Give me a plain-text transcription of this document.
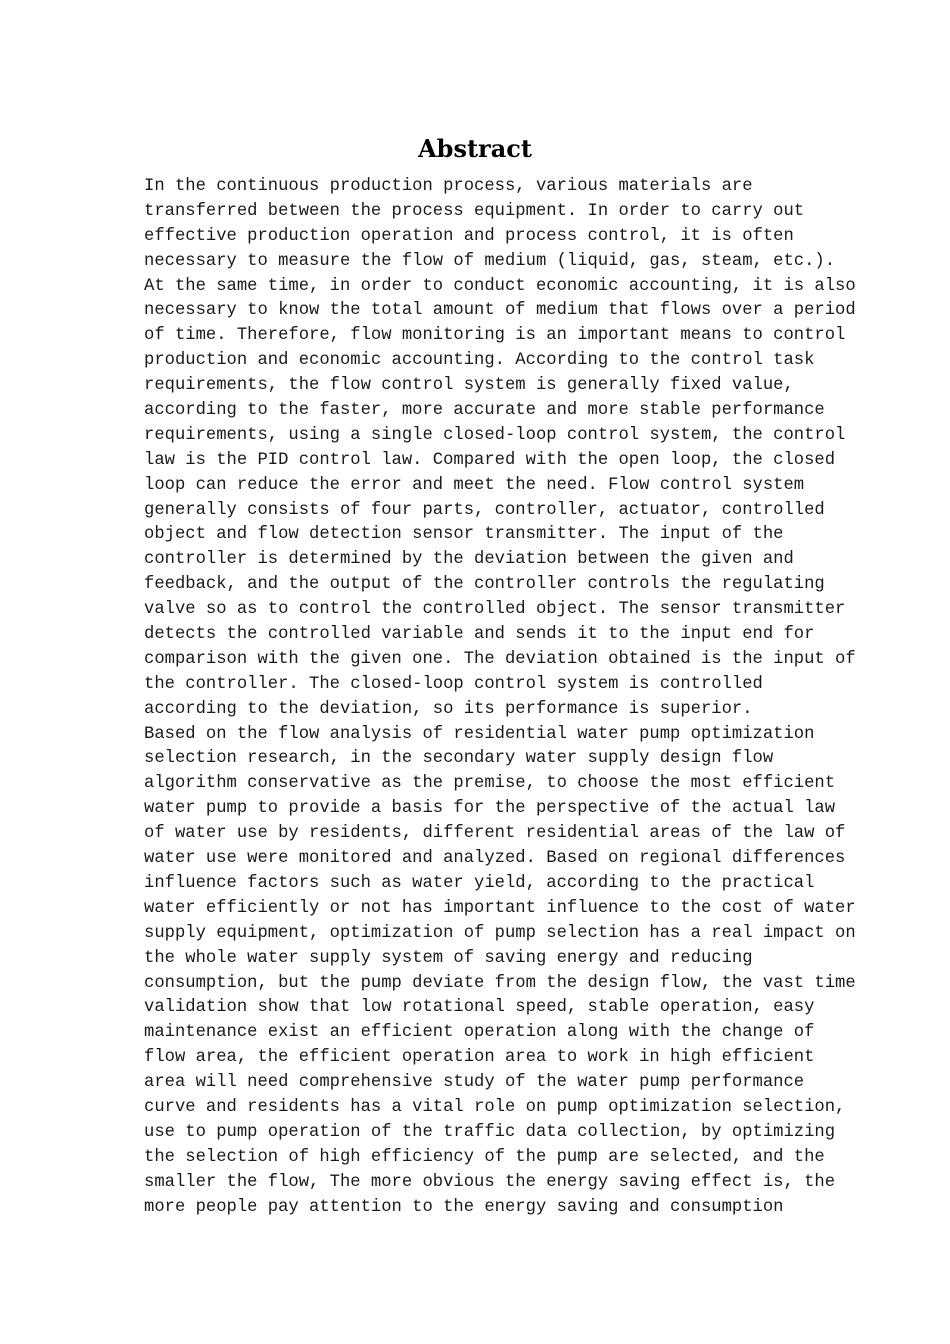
Abstract
In the continuous production process, various materials are
transferred between the process equipment. In order to carry out
effective production operation and process control, it is often
necessary to measure the flow of medium (liquid, gas, steam, etc.).
At the same time, in order to conduct economic accounting, it is also
necessary to know the total amount of medium that flows over a period
of time. Therefore, flow monitoring is an important means to control
production and economic accounting. According to the control task
requirements, the flow control system is generally fixed value,
according to the faster, more accurate and more stable performance
requirements, using a single closed-loop control system, the control
law is the PID control law. Compared with the open loop, the closed
loop can reduce the error and meet the need. Flow control system
generally consists of four parts, controller, actuator, controlled
object and flow detection sensor transmitter. The input of the
controller is determined by the deviation between the given and
feedback, and the output of the controller controls the regulating
valve so as to control the controlled object. The sensor transmitter
detects the controlled variable and sends it to the input end for
comparison with the given one. The deviation obtained is the input of
the controller. The closed-loop control system is controlled
according to the deviation, so its performance is superior.
Based on the flow analysis of residential water pump optimization
selection research, in the secondary water supply design flow
algorithm conservative as the premise, to choose the most efficient
water pump to provide a basis for the perspective of the actual law
of water use by residents, different residential areas of the law of
water use were monitored and analyzed. Based on regional differences
influence factors such as water yield, according to the practical
water efficiently or not has important influence to the cost of water
supply equipment, optimization of pump selection has a real impact on
the whole water supply system of saving energy and reducing
consumption, but the pump deviate from the design flow, the vast time
validation show that low rotational speed, stable operation, easy
maintenance exist an efficient operation along with the change of
flow area, the efficient operation area to work in high efficient
area will need comprehensive study of the water pump performance
curve and residents has a vital role on pump optimization selection,
use to pump operation of the traffic data collection, by optimizing
the selection of high efficiency of the pump are selected, and the
smaller the flow, The more obvious the energy saving effect is, the
more people pay attention to the energy saving and consumption
